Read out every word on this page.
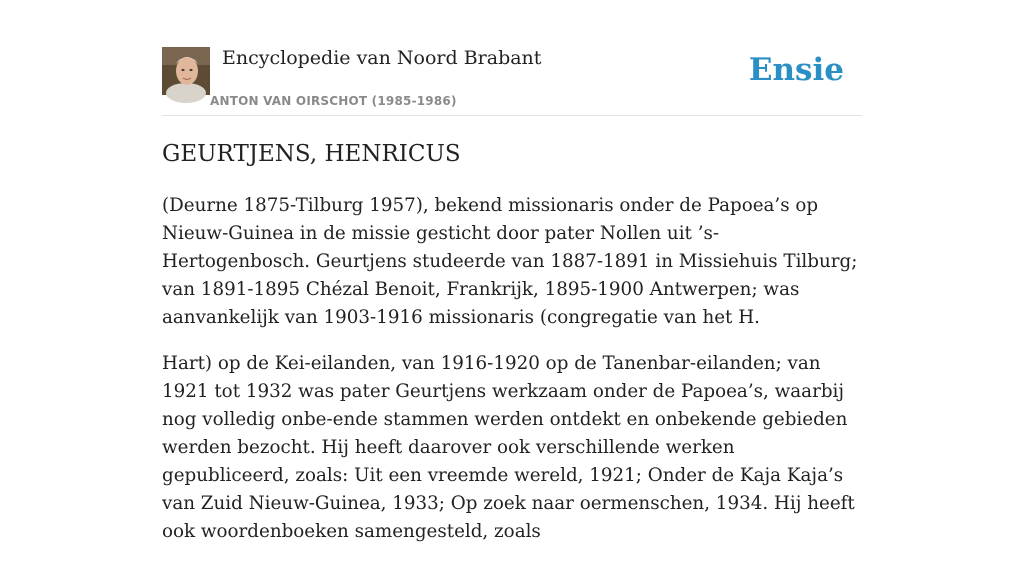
Encyclopedie van Noord Brabant
ANTON VAN OIRSCHOT (1985-1986)
Ensie
GEURTJENS, HENRICUS

(Deurne 1875-Tilburg 1957), bekend missionaris onder de Papoea’s op Nieuw-Guinea in de missie gesticht door pater Nollen uit ’s-Hertogenbosch. Geurtjens studeerde van 1887-1891 in Missiehuis Tilburg; van 1891-1895 Chézal Benoit, Frankrijk, 1895-1900 Antwerpen; was aanvankelijk van 1903-1916 missionaris (congregatie van het H.

Hart) op de Kei-eilanden, van 1916-1920 op de Tanenbar-eilanden; van 1921 tot 1932 was pater Geurtjens werkzaam onder de Papoea’s, waarbij nog volledig onbe-ende stammen werden ontdekt en onbekende gebieden werden bezocht. Hij heeft daarover ook verschillende werken gepubliceerd, zoals: Uit een vreemde wereld, 1921; Onder de Kaja Kaja’s van Zuid Nieuw-Guinea, 1933; Op zoek naar oermenschen, 1934. Hij heeft ook woordenboeken samengesteld, zoals
